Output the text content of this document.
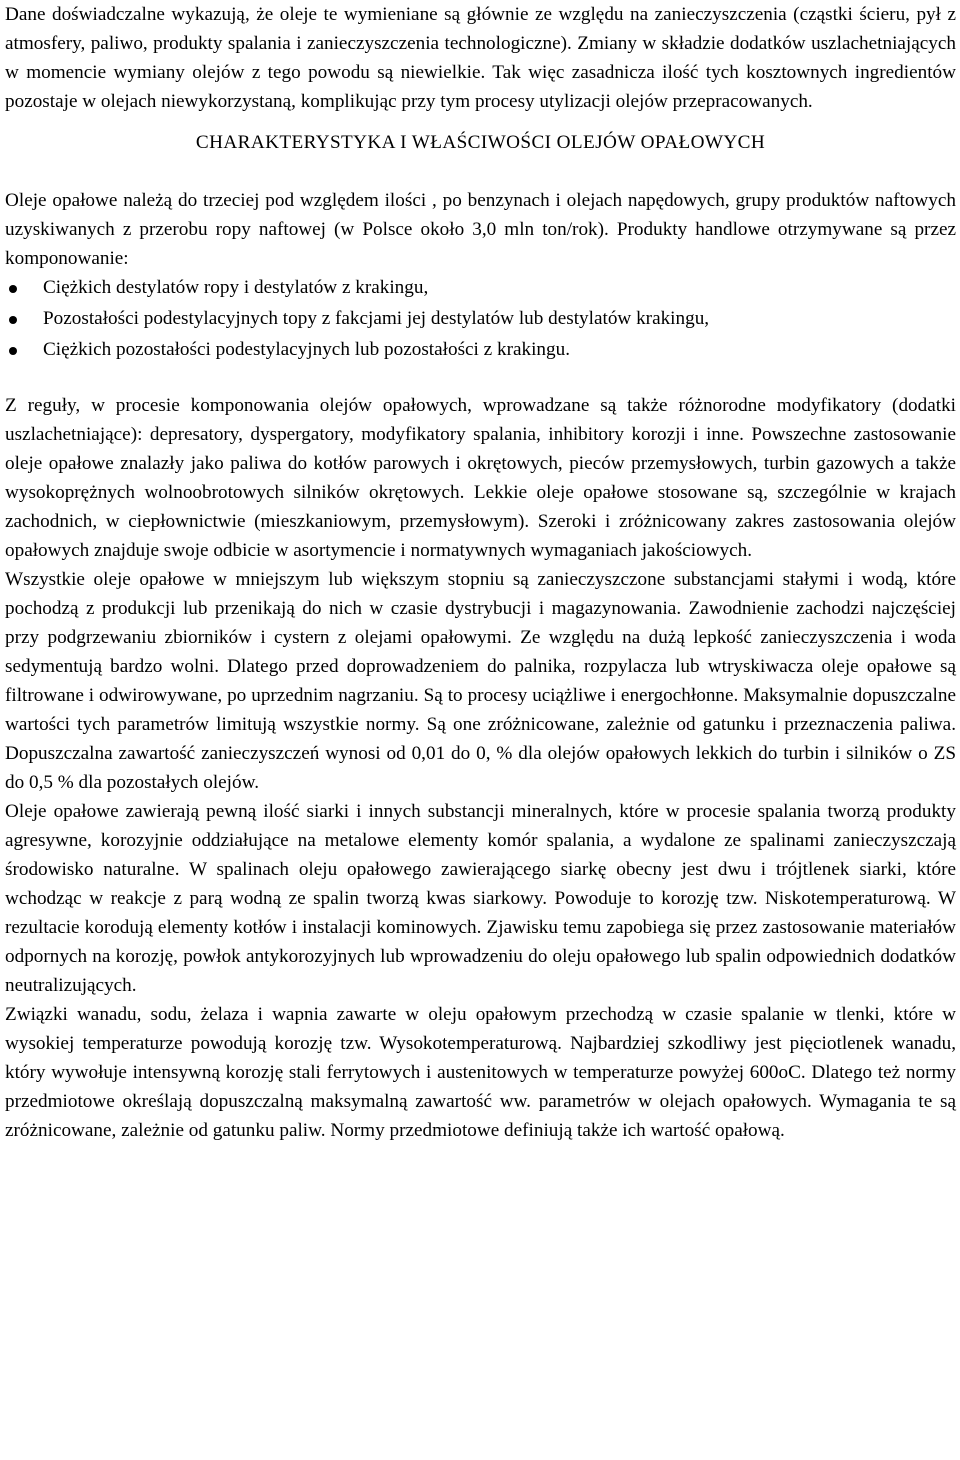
Dane doświadczalne wykazują, że oleje te wymieniane są głównie ze względu na zanieczyszczenia (cząstki ścieru, pył z atmosfery, paliwo, produkty spalania i zanieczyszczenia technologiczne). Zmiany w składzie dodatków uszlachetniających w momencie wymiany olejów z tego powodu są niewielkie. Tak więc zasadnicza ilość tych kosztownych ingredientów pozostaje w olejach niewykorzystaną, komplikując przy tym procesy utylizacji olejów przepracowanych.

CHARAKTERYSTYKA I WŁAŚCIWOŚCI OLEJÓW OPAŁOWYCH

Oleje opałowe należą do trzeciej pod względem ilości , po benzynach i olejach napędowych, grupy produktów naftowych uzyskiwanych z przerobu ropy naftowej (w Polsce około 3,0 mln ton/rok). Produkty handlowe otrzymywane są przez komponowanie:

Ciężkich destylatów ropy i destylatów z krakingu,
Pozostałości podestylacyjnych topy z fakcjami jej destylatów lub destylatów krakingu,
Ciężkich pozostałości podestylacyjnych lub pozostałości z krakingu.

Z reguły, w procesie komponowania olejów opałowych, wprowadzane są także różnorodne modyfikatory (dodatki uszlachetniające): depresatory, dyspergatory, modyfikatory spalania, inhibitory korozji i inne. Powszechne zastosowanie oleje opałowe znalazły jako paliwa do kotłów parowych i okrętowych, pieców przemysłowych, turbin gazowych a także wysokoprężnych wolnoobrotowych silników okrętowych. Lekkie oleje opałowe stosowane są, szczególnie w krajach zachodnich, w ciepłownictwie (mieszkaniowym, przemysłowym). Szeroki i zróżnicowany zakres zastosowania olejów opałowych znajduje swoje odbicie w asortymencie i normatywnych wymaganiach jakościowych.

Wszystkie oleje opałowe w mniejszym lub większym stopniu są zanieczyszczone substancjami stałymi i wodą, które pochodzą z produkcji lub przenikają do nich w czasie dystrybucji i magazynowania. Zawodnienie zachodzi najczęściej przy podgrzewaniu zbiorników i cystern z olejami opałowymi. Ze względu na dużą lepkość zanieczyszczenia i woda sedymentują bardzo wolni. Dlatego przed doprowadzeniem do palnika, rozpylacza lub wtryskiwacza oleje opałowe są filtrowane i odwirowywane, po uprzednim nagrzaniu. Są to procesy uciążliwe i energochłonne. Maksymalnie dopuszczalne wartości tych parametrów limitują wszystkie normy. Są one zróżnicowane, zależnie od gatunku i przeznaczenia paliwa. Dopuszczalna zawartość zanieczyszczeń wynosi od 0,01 do 0, % dla olejów opałowych lekkich do turbin i silników o ZS do 0,5 % dla pozostałych olejów.

Oleje opałowe zawierają pewną ilość siarki i innych substancji mineralnych, które w procesie spalania tworzą produkty agresywne, korozyjnie oddziałujące na metalowe elementy komór spalania, a wydalone ze spalinami zanieczyszczają środowisko naturalne. W spalinach oleju opałowego zawierającego siarkę obecny jest dwu i trójtlenek siarki, które wchodząc w reakcje z parą wodną ze spalin tworzą kwas siarkowy. Powoduje to korozję tzw. Niskotemperaturową. W rezultacie korodują elementy kotłów i instalacji kominowych. Zjawisku temu zapobiega się przez zastosowanie materiałów odpornych na korozję, powłok antykorozyjnych lub wprowadzeniu do oleju opałowego lub spalin odpowiednich dodatków neutralizujących.

Związki wanadu, sodu, żelaza i wapnia zawarte w oleju opałowym przechodzą w czasie spalanie w tlenki, które w wysokiej temperaturze powodują korozję tzw. Wysokotemperaturową. Najbardziej szkodliwy jest pięciotlenek wanadu, który wywołuje intensywną korozję stali ferrytowych i austenitowych w temperaturze powyżej 600oC. Dlatego też normy przedmiotowe określają dopuszczalną maksymalną zawartość ww. parametrów w olejach opałowych. Wymagania te są zróżnicowane, zależnie od gatunku paliw. Normy przedmiotowe definiują także ich wartość opałową.
